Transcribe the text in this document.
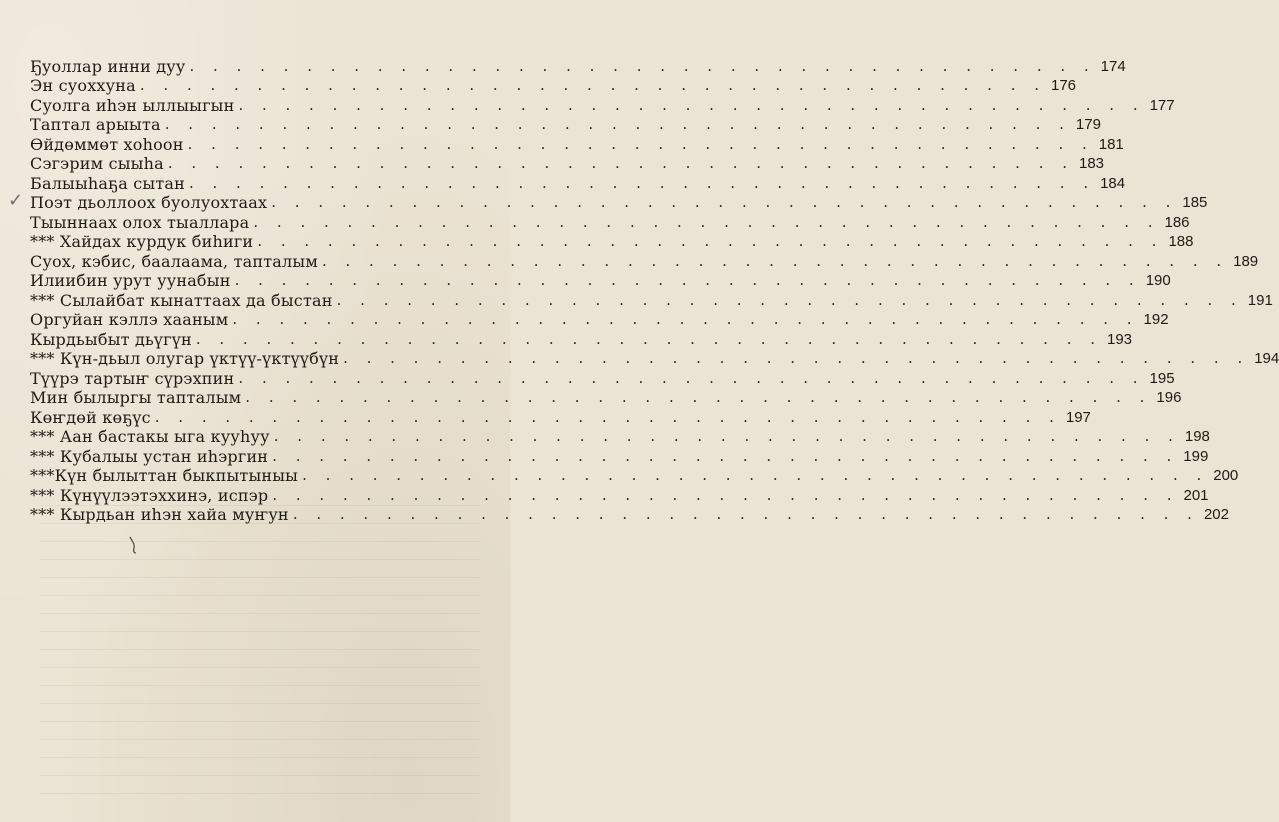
Ҕуоллар инни дуу . . . . . . . . . . . . . . . . . . . . . . . . . . . . . . . . . . . . . . . 174
Эн суоххуна . . . . . . . . . . . . . . . . . . . . . . . . . . . . . . . . . . . . . . . 176
Суолга иһэн ыллыыгын . . . . . . . . . . . . . . . . . . . . . . . . . . . . . . . . . . . . . . . 177
Таптал арыыта . . . . . . . . . . . . . . . . . . . . . . . . . . . . . . . . . . . . . . . 179
Өйдөммөт хоһоон . . . . . . . . . . . . . . . . . . . . . . . . . . . . . . . . . . . . . . . 181
Сэгэрим сыыһа . . . . . . . . . . . . . . . . . . . . . . . . . . . . . . . . . . . . . . . 183
Балыыһаҕа сытан . . . . . . . . . . . . . . . . . . . . . . . . . . . . . . . . . . . . . . . 184
✓ Поэт дьоллоох буолуохтаах . . . . . . . . . . . . . . . . . . . . . . . . . . . . . . . . . . . . . . . 185
Тыыннаах олох тыаллара . . . . . . . . . . . . . . . . . . . . . . . . . . . . . . . . . . . . . . . 186
*** Хайдах курдук биһиги . . . . . . . . . . . . . . . . . . . . . . . . . . . . . . . . . . . . . . . 188
Суох, кэбис, баалаама, тапталым . . . . . . . . . . . . . . . . . . . . . . . . . . . . . . . . . . . . . . . 189
Илиибин урут уунабын . . . . . . . . . . . . . . . . . . . . . . . . . . . . . . . . . . . . . . . 190
*** Сылайбат кынаттаах да быстан . . . . . . . . . . . . . . . . . . . . . . . . . . . . . . . . . . . . . . . 191
Оргуйан кэллэ хааным . . . . . . . . . . . . . . . . . . . . . . . . . . . . . . . . . . . . . . . 192
Кырдьыбыт дьүгүн . . . . . . . . . . . . . . . . . . . . . . . . . . . . . . . . . . . . . . . 193
*** Күн-дьыл олугар үктүү-үктүүбүн . . . . . . . . . . . . . . . . . . . . . . . . . . . . . . . . . . . . . . . 194
Түүрэ тартыҥ сүрэхпин . . . . . . . . . . . . . . . . . . . . . . . . . . . . . . . . . . . . . . . 195
Мин былыргы тапталым . . . . . . . . . . . . . . . . . . . . . . . . . . . . . . . . . . . . . . . 196
Көҥдөй көҕүс . . . . . . . . . . . . . . . . . . . . . . . . . . . . . . . . . . . . . . . 197
*** Аан бастакы ыга кууһуу . . . . . . . . . . . . . . . . . . . . . . . . . . . . . . . . . . . . . . . 198
*** Кубалыы устан иһэргин . . . . . . . . . . . . . . . . . . . . . . . . . . . . . . . . . . . . . . . 199
***Күн былыттан быкпытыныы . . . . . . . . . . . . . . . . . . . . . . . . . . . . . . . . . . . . . . . 200
*** Күнүүлээтэххинэ, испэр . . . . . . . . . . . . . . . . . . . . . . . . . . . . . . . . . . . . . . . 201
*** Кырдьан иһэн хайа муҥун . . . . . . . . . . . . . . . . . . . . . . . . . . . . . . . . . . . . . . . 202
